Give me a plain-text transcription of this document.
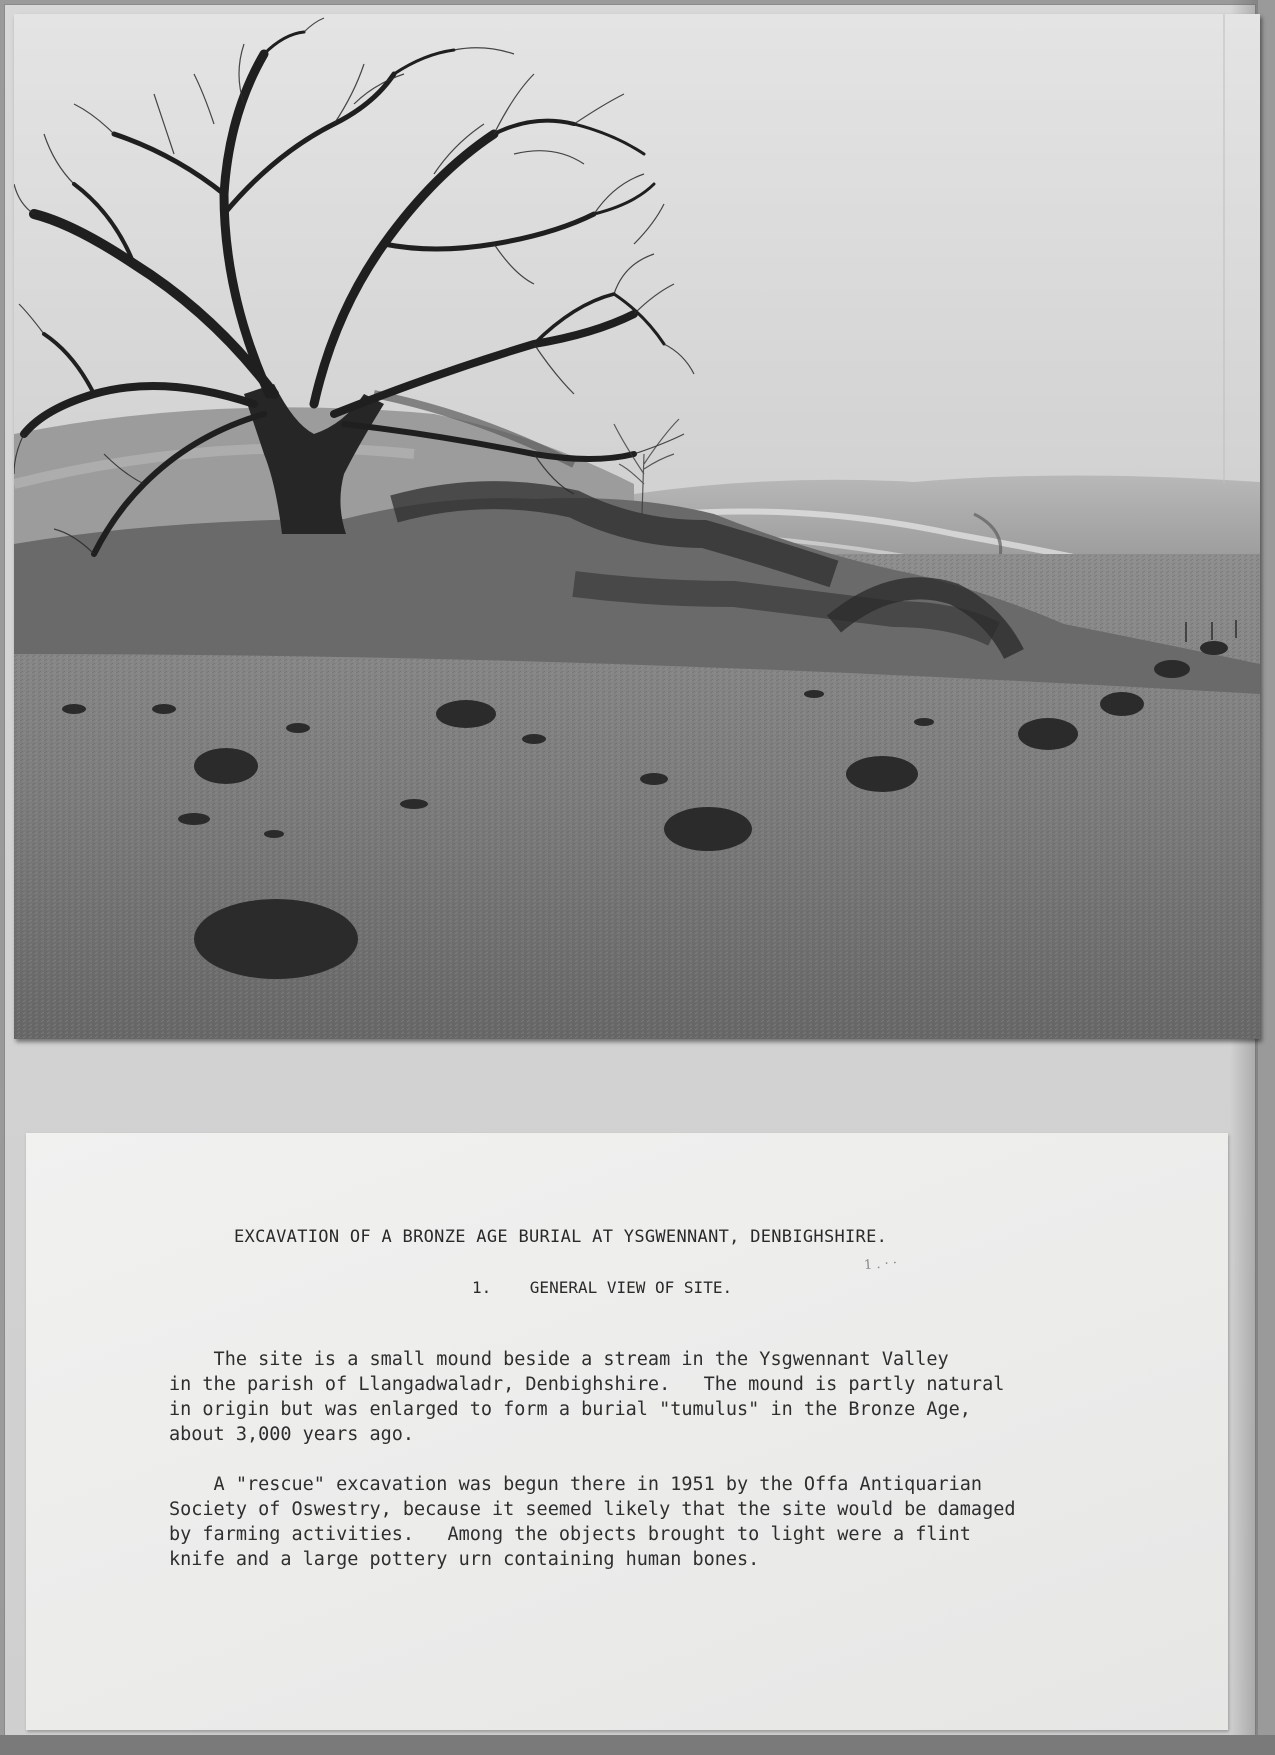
EXCAVATION OF A BRONZE AGE BURIAL AT YSGWENNANT, DENBIGHSHIRE.
1 . · ·
1.    GENERAL VIEW OF SITE.
The site is a small mound beside a stream in the Ysgwennant Valley
in the parish of Llangadwaladr, Denbighshire.   The mound is partly natural
in origin but was enlarged to form a burial "tumulus" in the Bronze Age,
about 3,000 years ago.
A "rescue" excavation was begun there in 1951 by the Offa Antiquarian
Society of Oswestry, because it seemed likely that the site would be damaged
by farming activities.   Among the objects brought to light were a flint
knife and a large pottery urn containing human bones.
